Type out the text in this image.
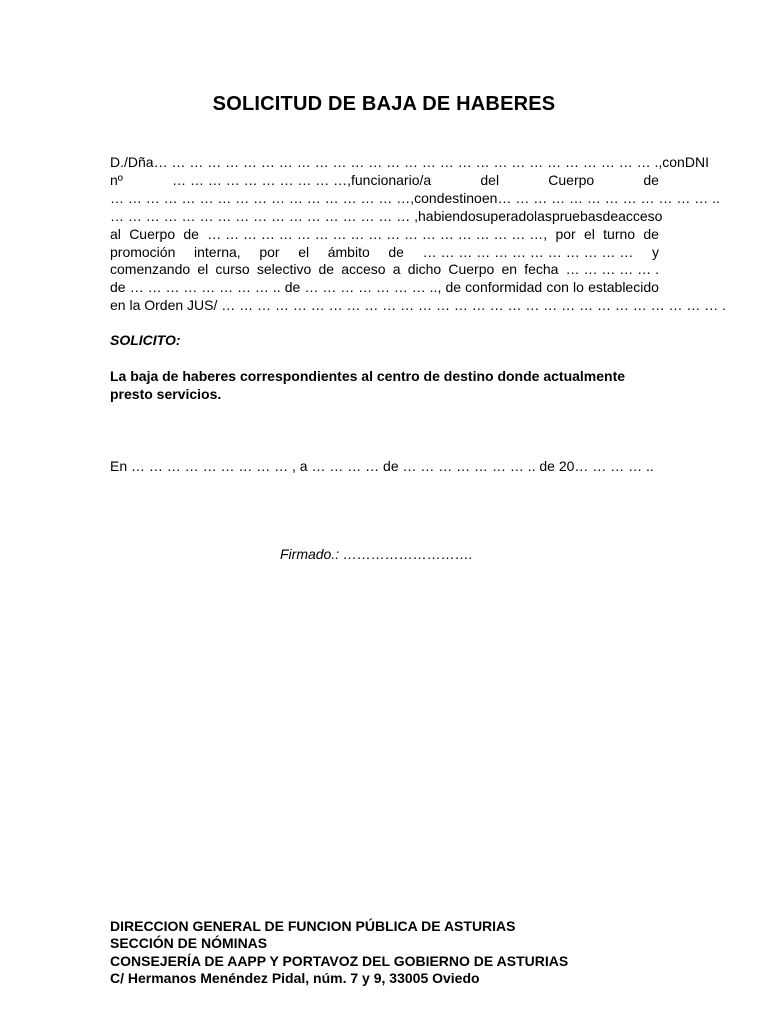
SOLICITUD DE BAJA DE HABERES
D./Dña… … … … … … … … … … … … … … … … … … … … … … … … … … … … ., con DNI
nº	… … … … … … … … … …,funcionario/a	del	Cuerpo	de
… … … … … … … … … … … … … … … … …, con destino en … … … … … … … … … … … … ..
… … … … … … … … … … … … … … … … … , habiendo superado las pruebas de acceso
al Cuerpo de … … … … … … … … … … … … … … … … … … …, por el turno de
promoción interna, por el ámbito de … … … … … … … … … … … … y
comenzando el curso selectivo de acceso a dicho Cuerpo en fecha … … … … … .
de … … … … … … … … .. de … … … … … … … .., de conformidad con lo establecido
en la Orden JUS/ … … … … … … … … … … … … … … … … … … … … … … … … … … … … .
SOLICITO:
La baja de haberes correspondientes al centro de destino donde actualmente presto servicios.
En … … … … … … … … … , a … … … … de … … … … … … … .. de 20… … … … ..
Firmado.: ……………………….
DIRECCION GENERAL DE FUNCION PÚBLICA DE ASTURIAS
SECCIÓN DE NÓMINAS
CONSEJERÍA DE AAPP Y PORTAVOZ DEL GOBIERNO DE ASTURIAS
C/ Hermanos Menéndez Pidal, núm. 7 y 9, 33005 Oviedo
